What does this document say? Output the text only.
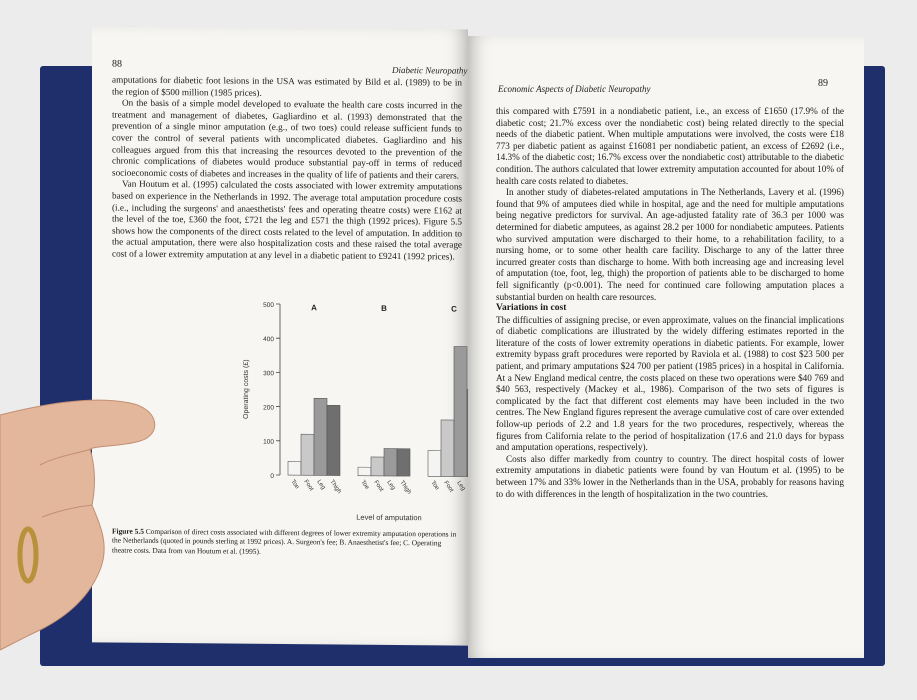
88
Diabetic Neuropathy

amputations for diabetic foot lesions in the USA was estimated by Bild et al. (1989) to be in the region of $500 million (1985 prices).

On the basis of a simple model developed to evaluate the health care costs incurred in the treatment and management of diabetes, Gagliardino et al. (1993) demonstrated that the prevention of a single minor amputation (e.g., of two toes) could release sufficient funds to cover the control of several patients with uncomplicated diabetes. Gagliardino and his colleagues argued from this that increasing the resources devoted to the prevention of the chronic complications of diabetes would produce substantial pay-off in terms of reduced socioeconomic costs of diabetes and increases in the quality of life of patients and their carers.

Van Houtum et al. (1995) calculated the costs associated with lower extremity amputations based on experience in the Netherlands in 1992. The average total amputation procedure costs (i.e., including the surgeons' and anaesthetists' fees and operating theatre costs) were £162 at the level of the toe, £360 the foot, £721 the leg and £571 the thigh (1992 prices). Figure 5.5 shows how the components of the direct costs related to the level of amputation. In addition to the actual amputation, there were also hospitalization costs and these raised the total average cost of a lower extremity amputation at any level in a diabetic patient to £9241 (1992 prices).

0
100
200
300
400
500
Operating costs (£)
Toe Foot Leg Thigh
A
Toe Foot Leg Thigh
B
Toe Foot Leg
C
Level of amputation
Figure 5.5 Comparison of direct costs associated with different degrees of lower extremity amputation operations in the Netherlands (quoted in pounds sterling at 1992 prices). A. Surgeon's fee; B. Anaesthetist's fee; C. Operating theatre costs. Data from van Houtum et al. (1995).
Economic Aspects of Diabetic Neuropathy	89

this compared with £7591 in a nondiabetic patient, i.e., an excess of £1650 (17.9% of the diabetic cost; 21.7% excess over the nondiabetic cost) being related directly to the special needs of the diabetic patient. When multiple amputations were involved, the costs were £18 773 per diabetic patient as against £16081 per nondiabetic patient, an excess of £2692 (i.e., 14.3% of the diabetic cost; 16.7% excess over the nondiabetic cost) attributable to the diabetic condition. The authors calculated that lower extremity amputation accounted for about 10% of health care costs related to diabetes.

In another study of diabetes-related amputations in The Netherlands, Lavery et al. (1996) found that 9% of amputees died while in hospital, age and the need for multiple amputations being negative predictors for survival. An age-adjusted fatality rate of 36.3 per 1000 was determined for diabetic amputees, as against 28.2 per 1000 for nondiabetic amputees. Patients who survived amputation were discharged to their home, to a rehabilitation facility, to a nursing home, or to some other health care facility. Discharge to any of the latter three incurred greater costs than discharge to home. With both increasing age and increasing level of amputation (toe, foot, leg, thigh) the proportion of patients able to be discharged to home fell significantly (p<0.001). The need for continued care following amputation places a substantial burden on health care resources.

Variations in cost

The difficulties of assigning precise, or even approximate, values on the financial implications of diabetic complications are illustrated by the widely differing estimates reported in the literature of the costs of lower extremity operations in diabetic patients. For example, lower extremity bypass graft procedures were reported by Raviola et al. (1988) to cost $23 500 per patient, and primary amputations $24 700 per patient (1985 prices) in a hospital in California. At a New England medical centre, the costs placed on these two operations were $40 769 and $40 563, respectively (Mackey et al., 1986). Comparison of the two sets of figures is complicated by the fact that different cost elements may have been included in the two centres. The New England figures represent the average cumulative cost of care over extended follow-up periods of 2.2 and 1.8 years for the two procedures, respectively, whereas the figures from California relate to the period of hospitalization (17.6 and 21.0 days for bypass and amputation operations, respectively).

Costs also differ markedly from country to country. The direct hospital costs of lower extremity amputations in diabetic patients were found by van Houtum et al. (1995) to be between 17% and 33% lower in the Netherlands than in the USA, probably for reasons having to do with differences in the length of hospitalization in the two countries.
